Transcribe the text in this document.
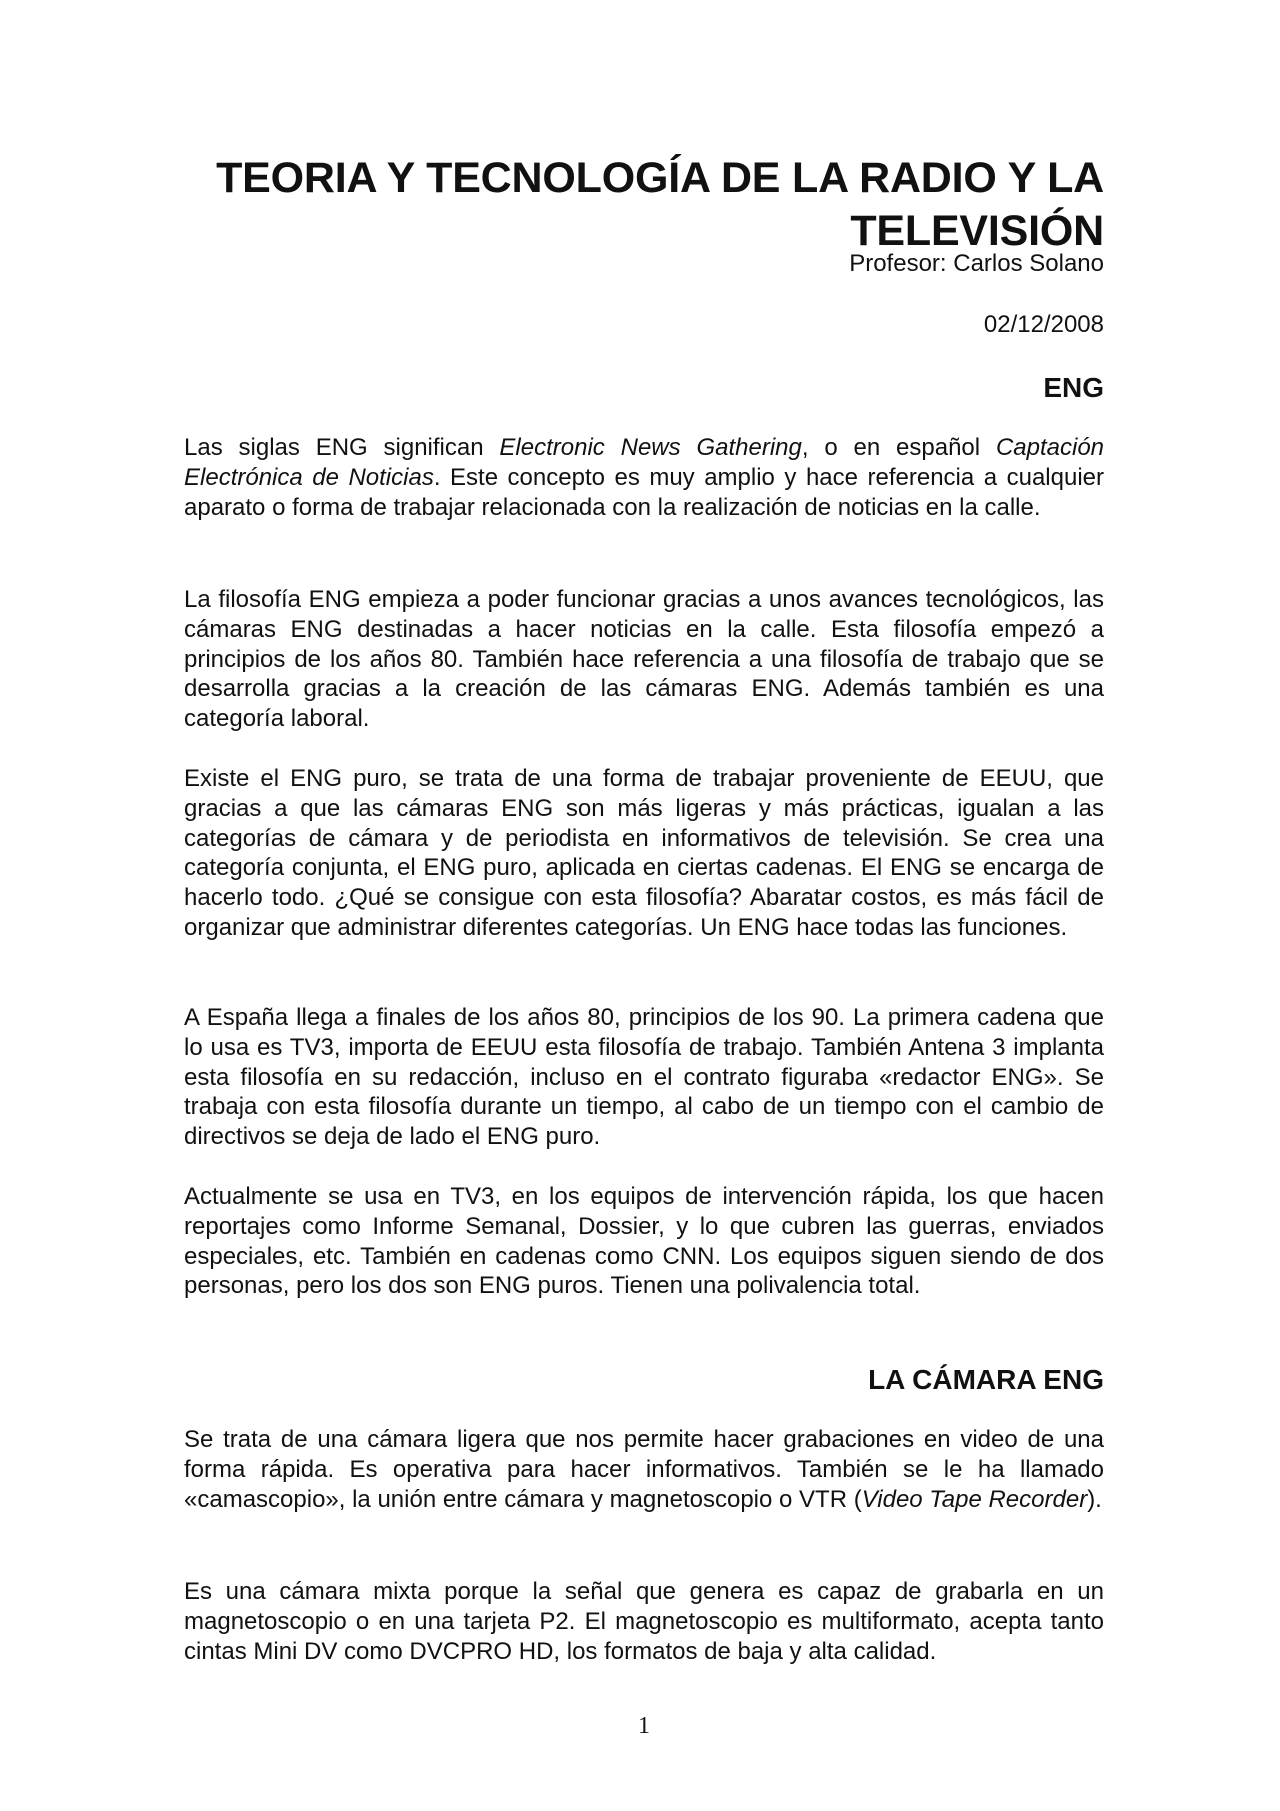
TEORIA Y TECNOLOGÍA DE LA RADIO Y LA TELEVISIÓN
Profesor: Carlos Solano
02/12/2008
ENG

Las siglas ENG significan Electronic News Gathering, o en español Captación Electrónica de Noticias. Este concepto es muy amplio y hace referencia a cualquier aparato o forma de trabajar relacionada con la realización de noticias en la calle.

La filosofía ENG empieza a poder funcionar gracias a unos avances tecnológicos, las cámaras ENG destinadas a hacer noticias en la calle. Esta filosofía empezó a principios de los años 80. También hace referencia a una filosofía de trabajo que se desarrolla gracias a la creación de las cámaras ENG. Además también es una categoría laboral.

Existe el ENG puro, se trata de una forma de trabajar proveniente de EEUU, que gracias a que las cámaras ENG son más ligeras y más prácticas, igualan a las categorías de cámara y de periodista en informativos de televisión. Se crea una categoría conjunta, el ENG puro, aplicada en ciertas cadenas. El ENG se encarga de hacerlo todo. ¿Qué se consigue con esta filosofía? Abaratar costos, es más fácil de organizar que administrar diferentes categorías. Un ENG hace todas las funciones.

A España llega a finales de los años 80, principios de los 90. La primera cadena que lo usa es TV3, importa de EEUU esta filosofía de trabajo. También Antena 3 implanta esta filosofía en su redacción, incluso en el contrato figuraba «redactor ENG». Se trabaja con esta filosofía durante un tiempo, al cabo de un tiempo con el cambio de directivos se deja de lado el ENG puro.

Actualmente se usa en TV3, en los equipos de intervención rápida, los que hacen reportajes como Informe Semanal, Dossier, y lo que cubren las guerras, enviados especiales, etc. También en cadenas como CNN. Los equipos siguen siendo de dos personas, pero los dos son ENG puros. Tienen una polivalencia total.

LA CÁMARA ENG

Se trata de una cámara ligera que nos permite hacer grabaciones en video de una forma rápida. Es operativa para hacer informativos. También se le ha llamado «camascopio», la unión entre cámara y magnetoscopio o VTR (Video Tape Recorder).

Es una cámara mixta porque la señal que genera es capaz de grabarla en un magnetoscopio o en una tarjeta P2. El magnetoscopio es multiformato, acepta tanto cintas Mini DV como DVCPRO HD, los formatos de baja y alta calidad.

1
